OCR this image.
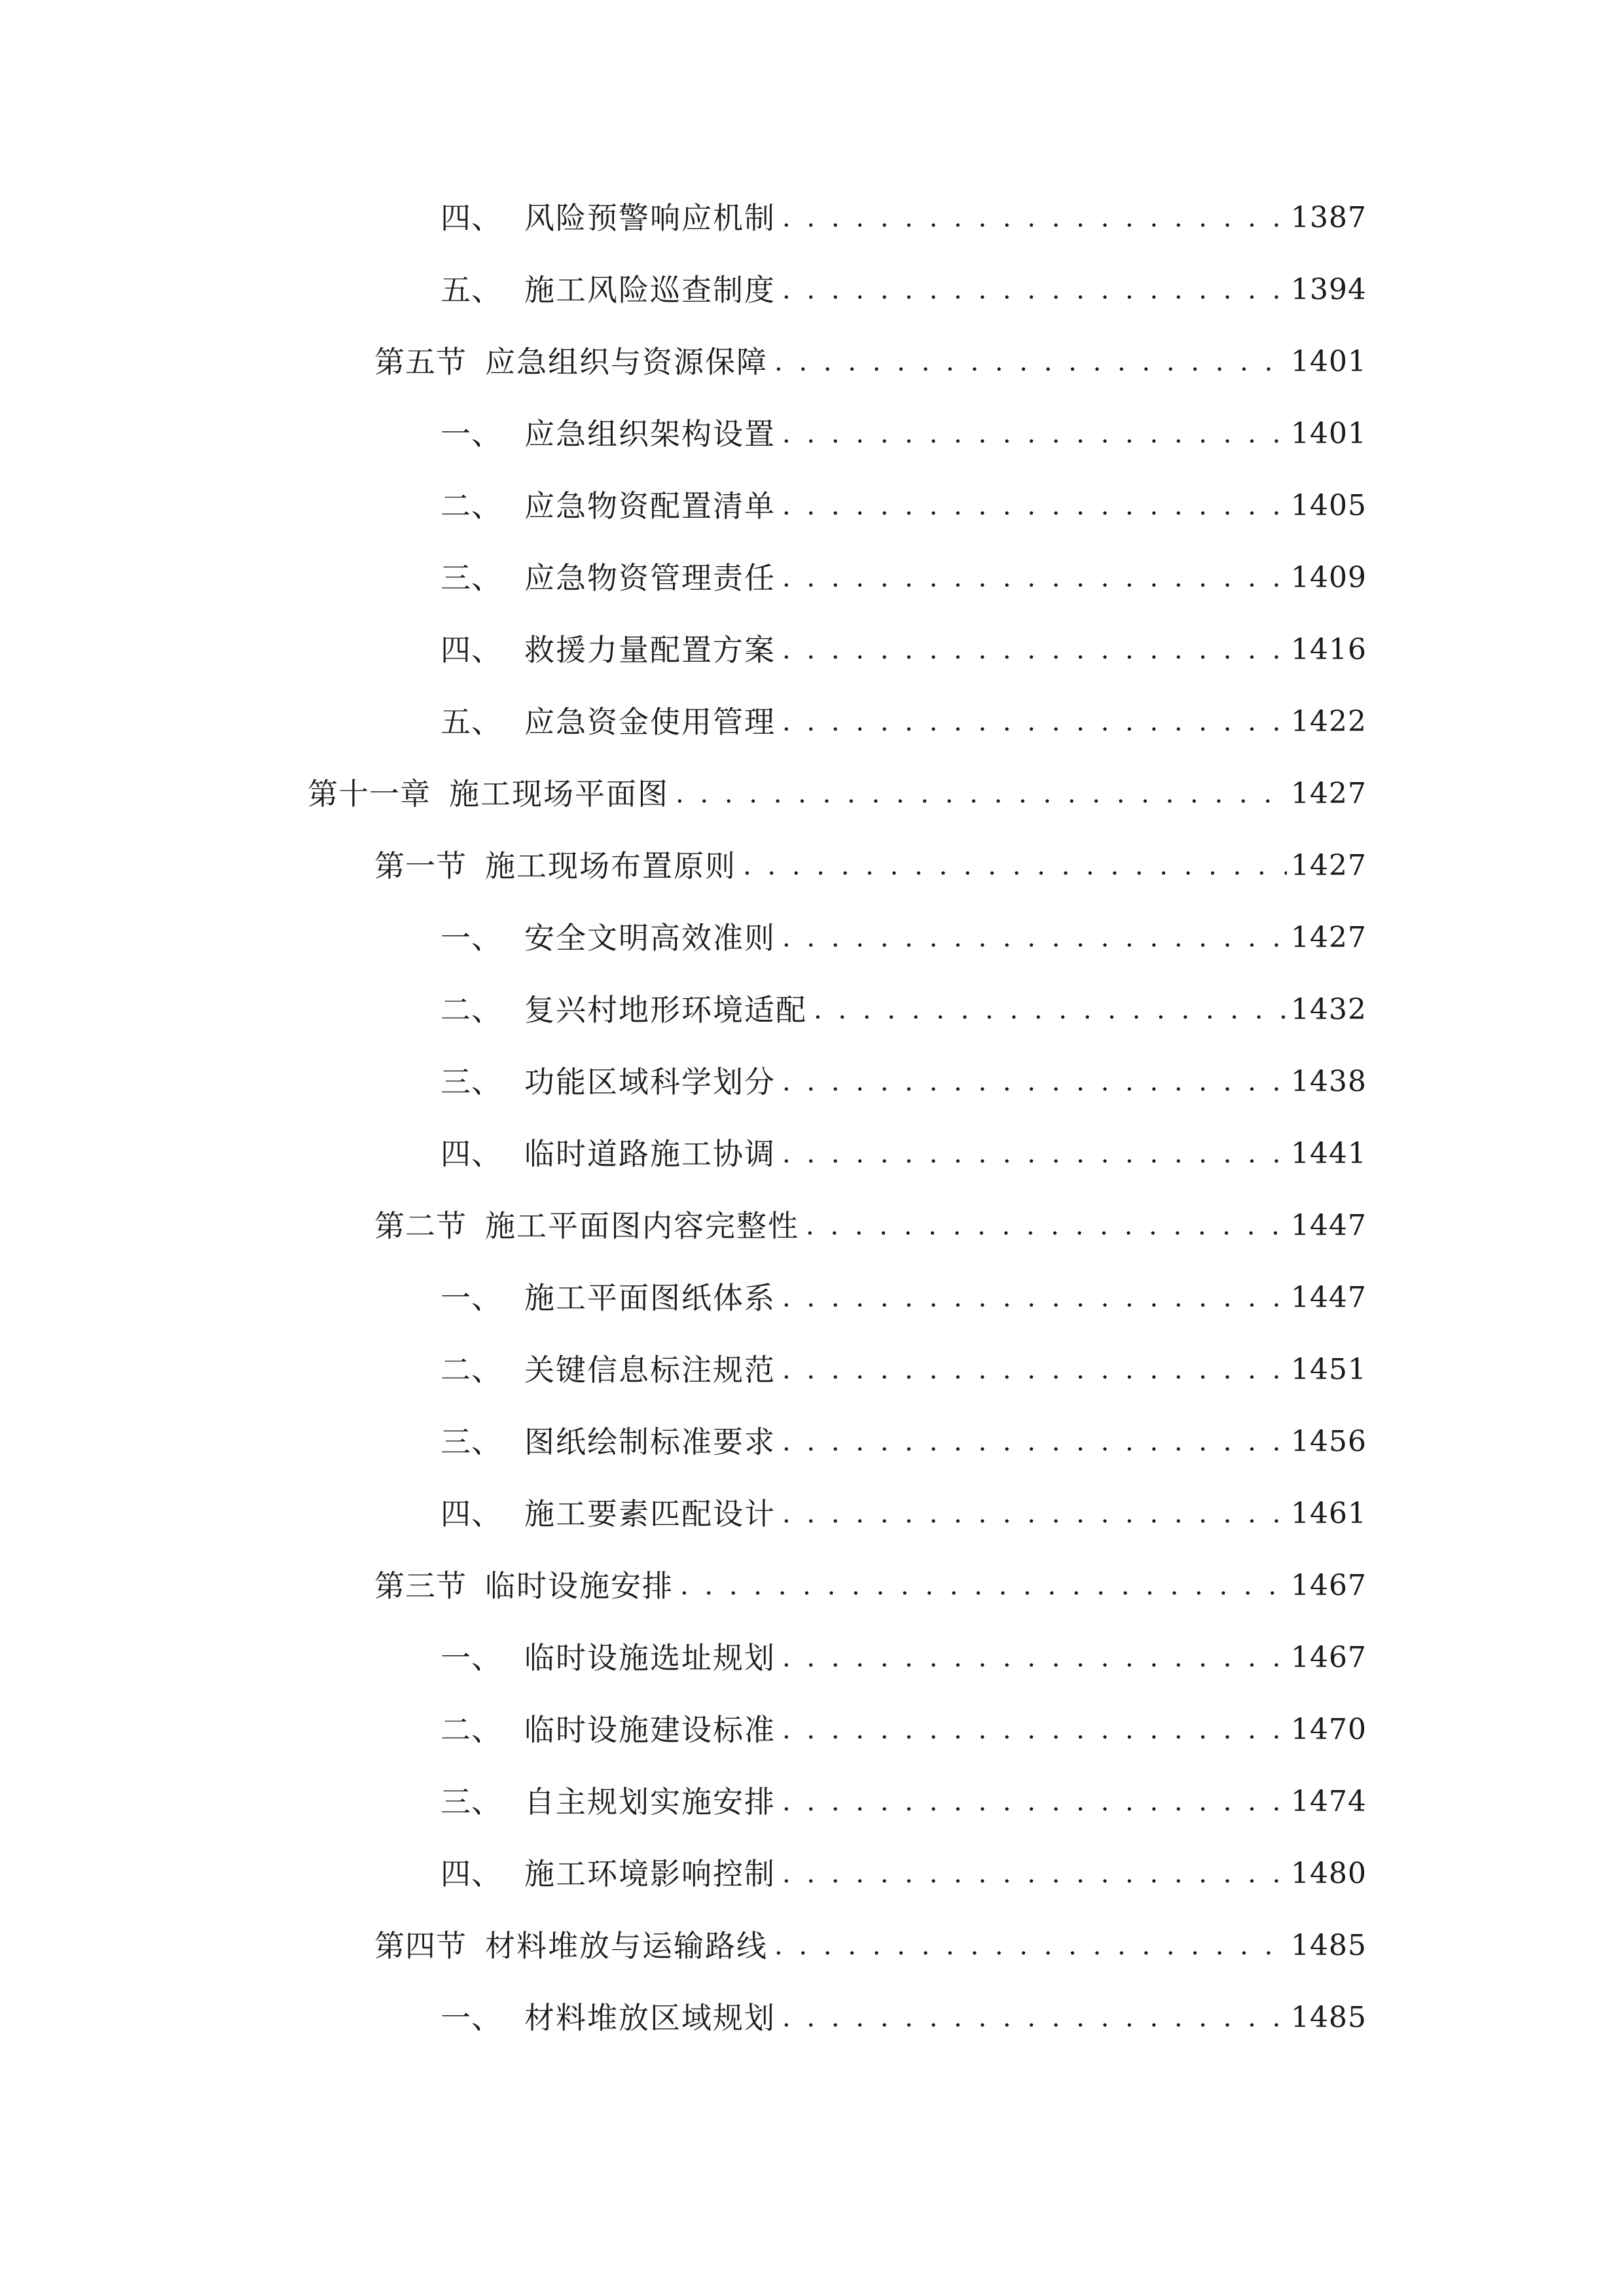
四、 风险预警响应机制 . . .	1387
五、 施工风险巡查制度 . . .	1394
第五节 应急组织与资源保障 . . .	1401
一、 应急组织架构设置 . . .	1401
二、 应急物资配置清单 . . .	1405
三、 应急物资管理责任 . . .	1409
四、 救援力量配置方案 . . .	1416
五、 应急资金使用管理 . . .	1422
第十一章 施工现场平面图 . . .	1427
第一节 施工现场布置原则 . . .	1427
一、 安全文明高效准则 . . .	1427
二、 复兴村地形环境适配 . . .	1432
三、 功能区域科学划分 . . .	1438
四、 临时道路施工协调 . . .	1441
第二节 施工平面图内容完整性 . . .	1447
一、 施工平面图纸体系 . . .	1447
二、 关键信息标注规范 . . .	1451
三、 图纸绘制标准要求 . . .	1456
四、 施工要素匹配设计 . . .	1461
第三节 临时设施安排 . . .	1467
一、 临时设施选址规划 . . .	1467
二、 临时设施建设标准 . . .	1470
三、 自主规划实施安排 . . .	1474
四、 施工环境影响控制 . . .	1480
第四节 材料堆放与运输路线 . . .	1485
一、 材料堆放区域规划 . . .	1485
